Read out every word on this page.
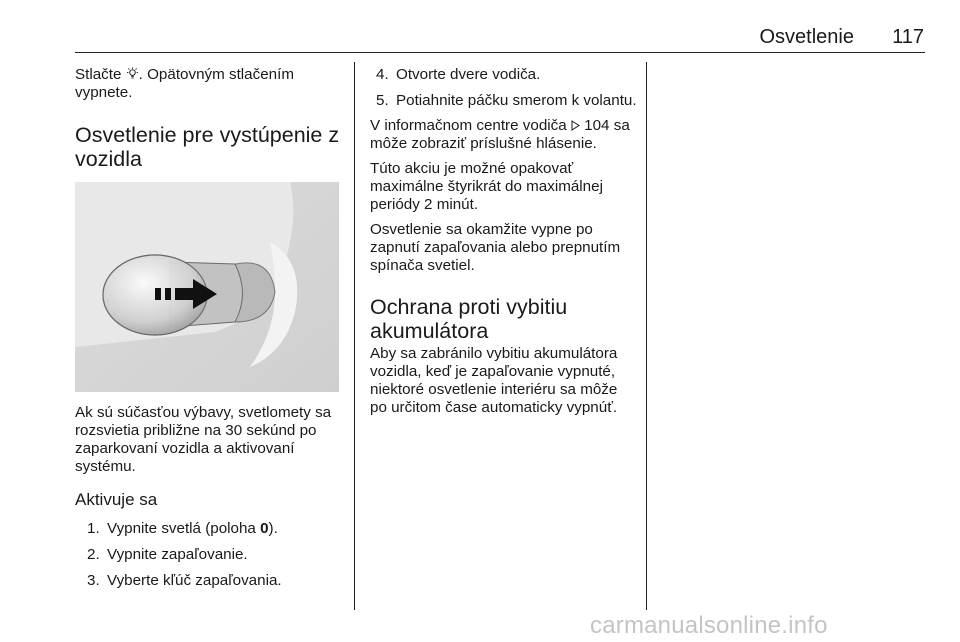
Osvetlenie 117

Stlačte . Opätovným stlačením vypnete.

Osvetlenie pre vystúpenie z vozidla

Ak sú súčasťou výbavy, svetlomety sa rozsvietia približne na 30 sekúnd po zaparkovaní vozidla a aktivovaní systému.

Aktivuje sa
1. Vypnite svetlá (poloha 0).
2. Vypnite zapaľovanie.
3. Vyberte kľúč zapaľovania.
4. Otvorte dvere vodiča.
5. Potiahnite páčku smerom k volantu.

V informačnom centre vodiča 104 sa môže zobraziť príslušné hlásenie.

Túto akciu je možné opakovať maximálne štyrikrát do maximálnej periódy 2 minút.

Osvetlenie sa okamžite vypne po zapnutí zapaľovania alebo prepnutím spínača svetiel.

Ochrana proti vybitiu akumulátora

Aby sa zabránilo vybitiu akumulátora vozidla, keď je zapaľovanie vypnuté, niektoré osvetlenie interiéru sa môže po určitom čase automaticky vypnúť.

carmanualsonline.info
